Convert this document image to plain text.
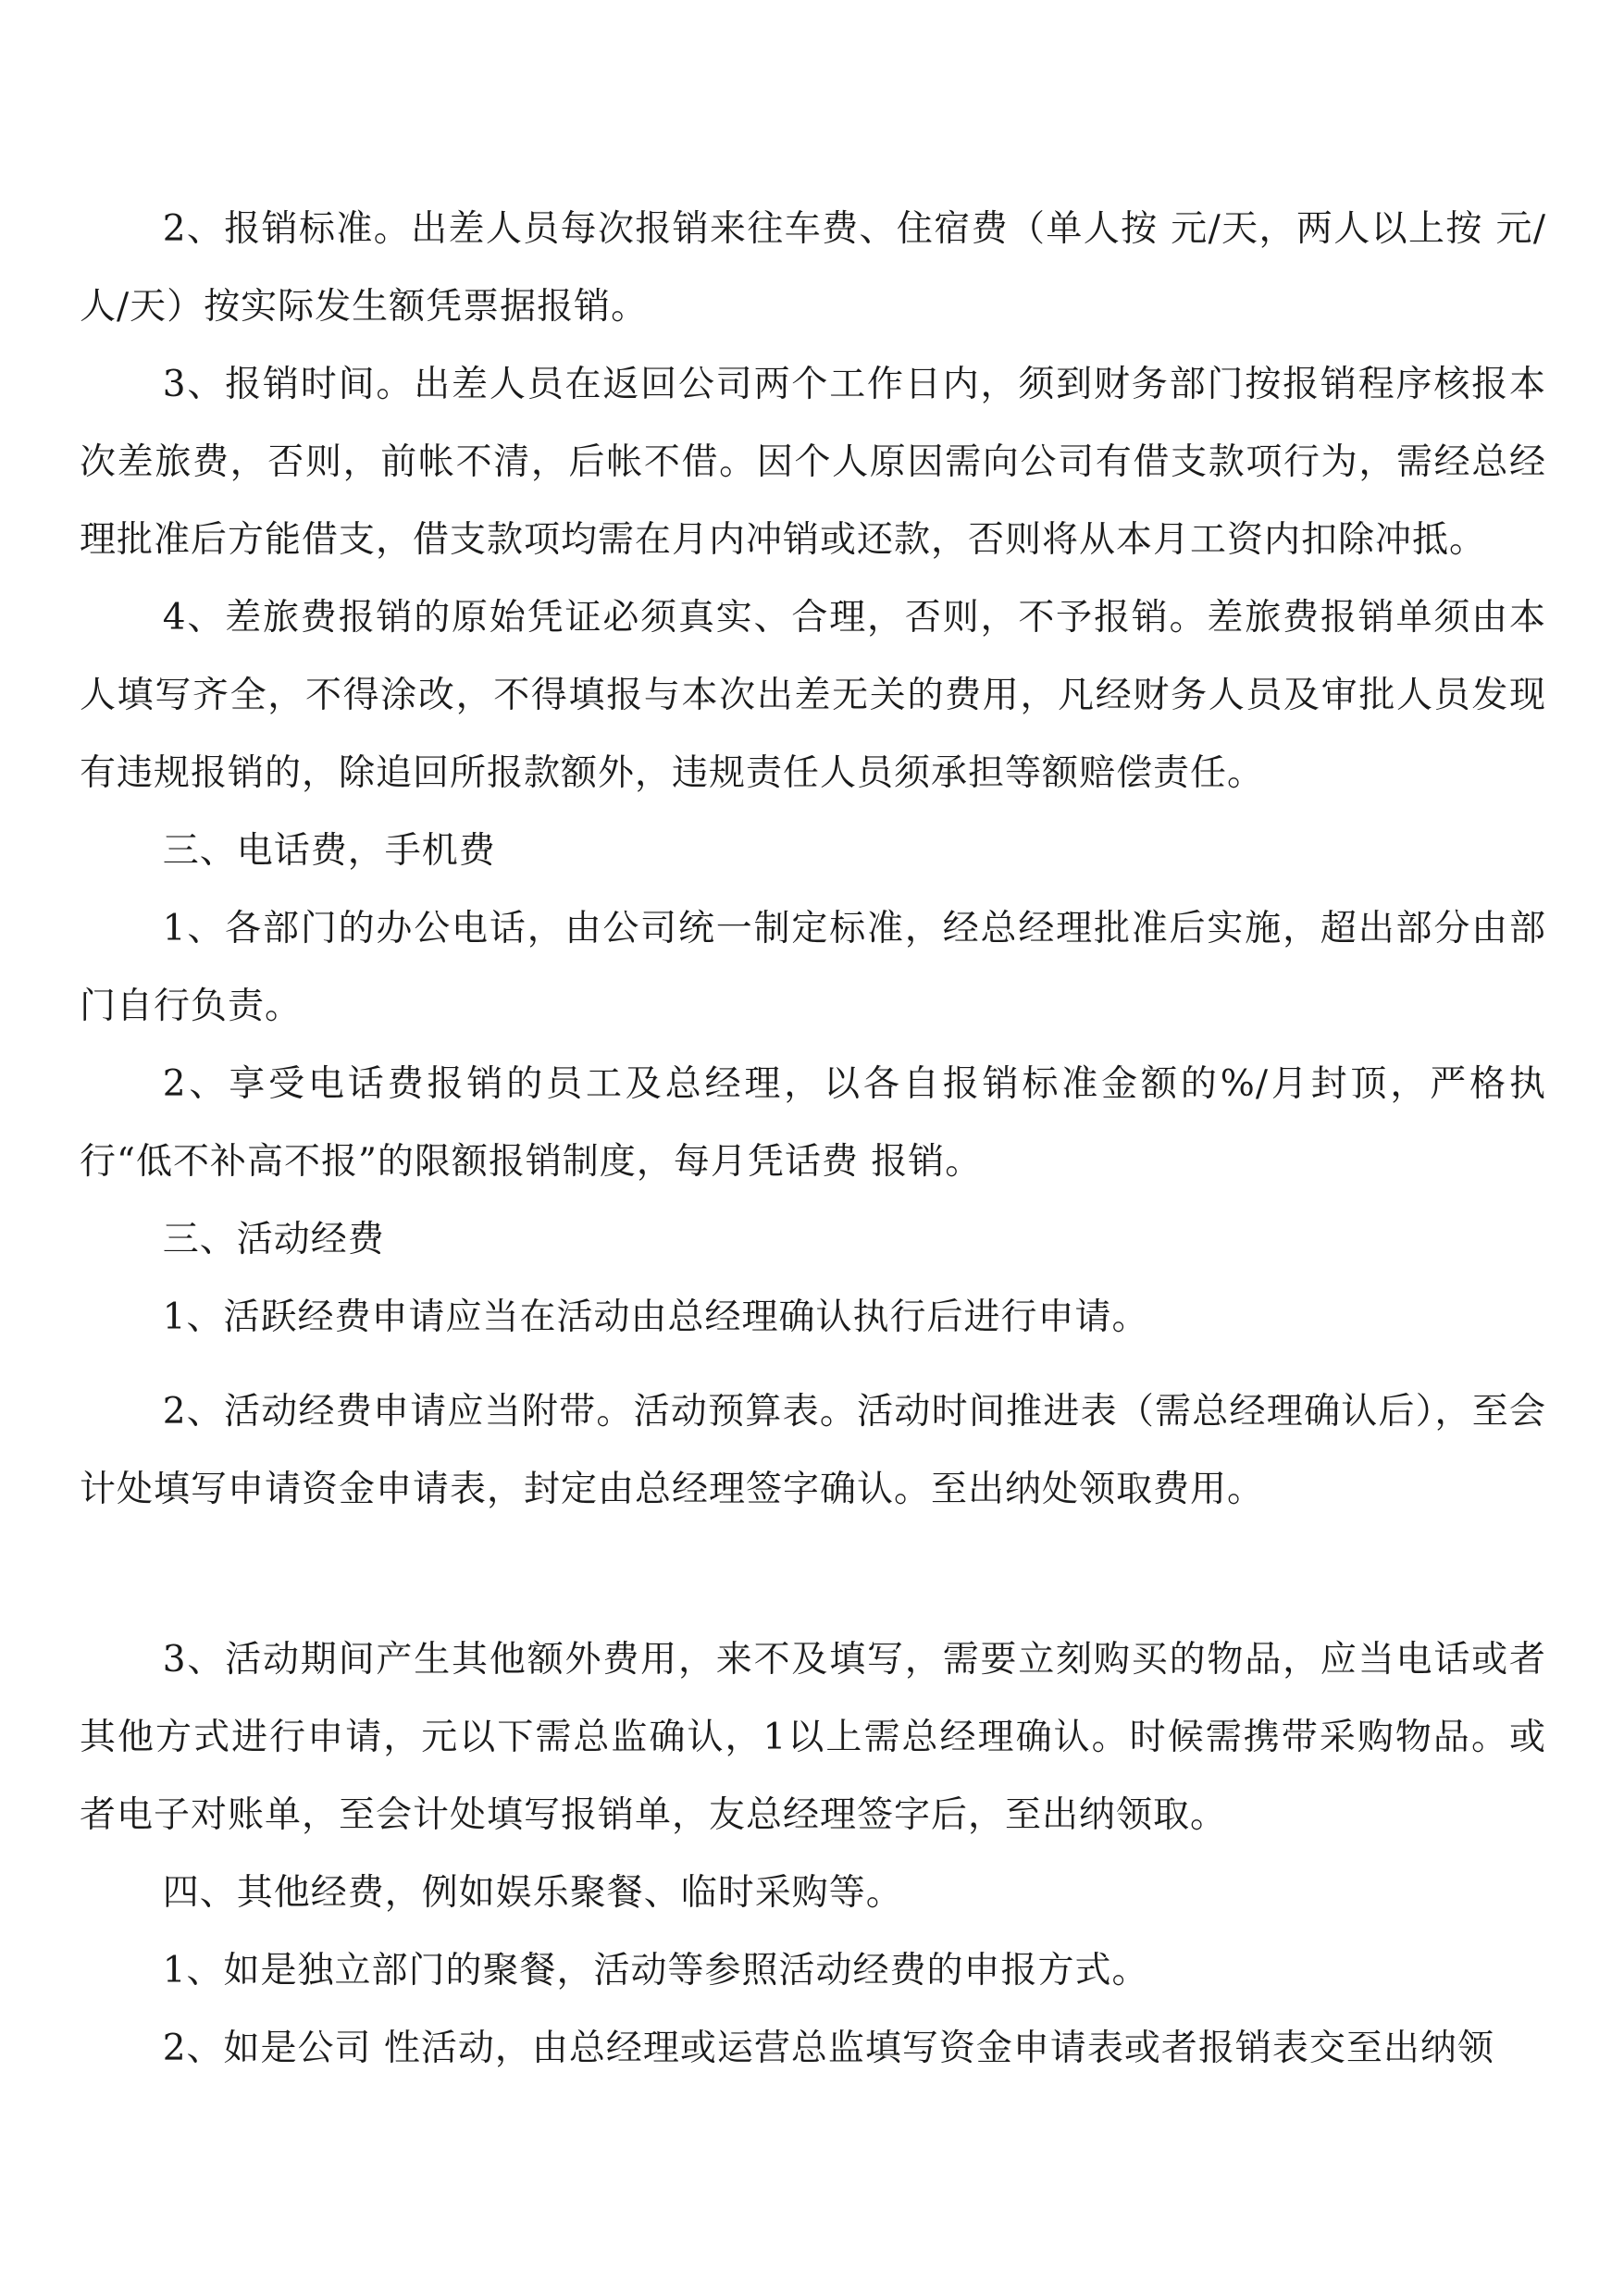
2、报销标准。出差人员每次报销来往车费、住宿费（单人按 元/天，两人以上按 元/人/天）按实际发生额凭票据报销。

3、报销时间。出差人员在返回公司两个工作日内，须到财务部门按报销程序核报本次差旅费，否则，前帐不清，后帐不借。因个人原因需向公司有借支款项行为，需经总经理批准后方能借支，借支款项均需在月内冲销或还款，否则将从本月工资内扣除冲抵。

4、差旅费报销的原始凭证必须真实、合理，否则，不予报销。差旅费报销单须由本人填写齐全，不得涂改，不得填报与本次出差无关的费用，凡经财务人员及审批人员发现有违规报销的，除追回所报款额外，违规责任人员须承担等额赔偿责任。

三、电话费，手机费

1、各部门的办公电话，由公司统一制定标准，经总经理批准后实施，超出部分由部门自行负责。

2、享受电话费报销的员工及总经理，以各自报销标准金额的%/月封顶，严格执行“低不补高不报”的限额报销制度，每月凭话费 报销。

三、活动经费

1、活跃经费申请应当在活动由总经理确认执行后进行申请。

2、活动经费申请应当附带。活动预算表。活动时间推进表（需总经理确认后），至会计处填写申请资金申请表，封定由总经理签字确认。至出纳处领取费用。

3、活动期间产生其他额外费用，来不及填写，需要立刻购买的物品，应当电话或者其他方式进行申请，元以下需总监确认，1以上需总经理确认。时候需携带采购物品。或者电子对账单，至会计处填写报销单，友总经理签字后，至出纳领取。

四、其他经费，例如娱乐聚餐、临时采购等。

1、如是独立部门的聚餐，活动等参照活动经费的申报方式。

2、如是公司 性活动，由总经理或运营总监填写资金申请表或者报销表交至出纳领
